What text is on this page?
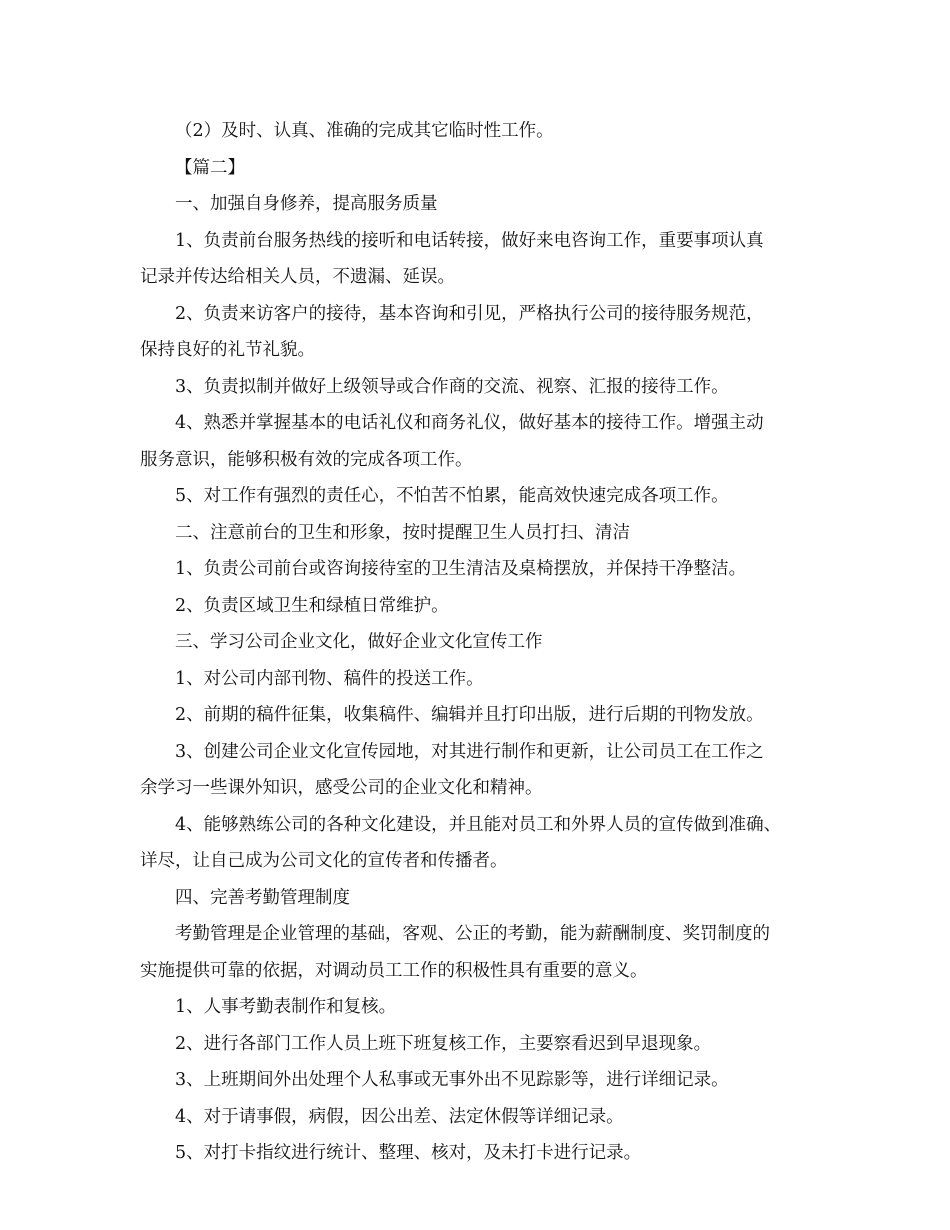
（2）及时、认真、准确的完成其它临时性工作。
【篇二】
一、加强自身修养，提高服务质量
1、负责前台服务热线的接听和电话转接，做好来电咨询工作，重要事项认真
记录并传达给相关人员，不遗漏、延误。
2、负责来访客户的接待，基本咨询和引见，严格执行公司的接待服务规范，
保持良好的礼节礼貌。
3、负责拟制并做好上级领导或合作商的交流、视察、汇报的接待工作。
4、熟悉并掌握基本的电话礼仪和商务礼仪，做好基本的接待工作。增强主动
服务意识，能够积极有效的完成各项工作。
5、对工作有强烈的责任心，不怕苦不怕累，能高效快速完成各项工作。
二、注意前台的卫生和形象，按时提醒卫生人员打扫、清洁
1、负责公司前台或咨询接待室的卫生清洁及桌椅摆放，并保持干净整洁。
2、负责区域卫生和绿植日常维护。
三、学习公司企业文化，做好企业文化宣传工作
1、对公司内部刊物、稿件的投送工作。
2、前期的稿件征集，收集稿件、编辑并且打印出版，进行后期的刊物发放。
3、创建公司企业文化宣传园地，对其进行制作和更新，让公司员工在工作之
余学习一些课外知识，感受公司的企业文化和精神。
4、能够熟练公司的各种文化建设，并且能对员工和外界人员的宣传做到准确、
详尽，让自己成为公司文化的宣传者和传播者。
四、完善考勤管理制度
考勤管理是企业管理的基础，客观、公正的考勤，能为薪酬制度、奖罚制度的
实施提供可靠的依据，对调动员工工作的积极性具有重要的意义。
1、人事考勤表制作和复核。
2、进行各部门工作人员上班下班复核工作，主要察看迟到早退现象。
3、上班期间外出处理个人私事或无事外出不见踪影等，进行详细记录。
4、对于请事假，病假，因公出差、法定休假等详细记录。
5、对打卡指纹进行统计、整理、核对，及未打卡进行记录。
